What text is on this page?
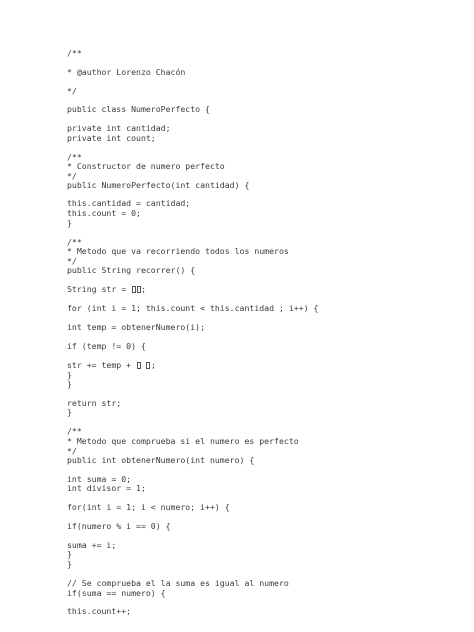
/**
* @author Lorenzo Chacón
*/
public class NumeroPerfecto {
private int cantidad;
private int count;
/**
* Constructor de numero perfecto
*/
public NumeroPerfecto(int cantidad) {
this.cantidad = cantidad;
this.count = 0;
}
/**
* Metodo que va recorriendo todos los numeros
*/
public String recorrer() {
String str = ;
for (int i = 1; this.count < this.cantidad ; i++) {
int temp = obtenerNumero(i);
if (temp != 0) {
str += temp +  ;
}
}
return str;
}
/**
* Metodo que comprueba si el numero es perfecto
*/
public int obtenerNumero(int numero) {
int suma = 0;
int divisor = 1;
for(int i = 1; i < numero; i++) {
if(numero % i == 0) {
suma += i;
}
}
// Se comprueba el la suma es igual al numero
if(suma == numero) {
this.count++;
